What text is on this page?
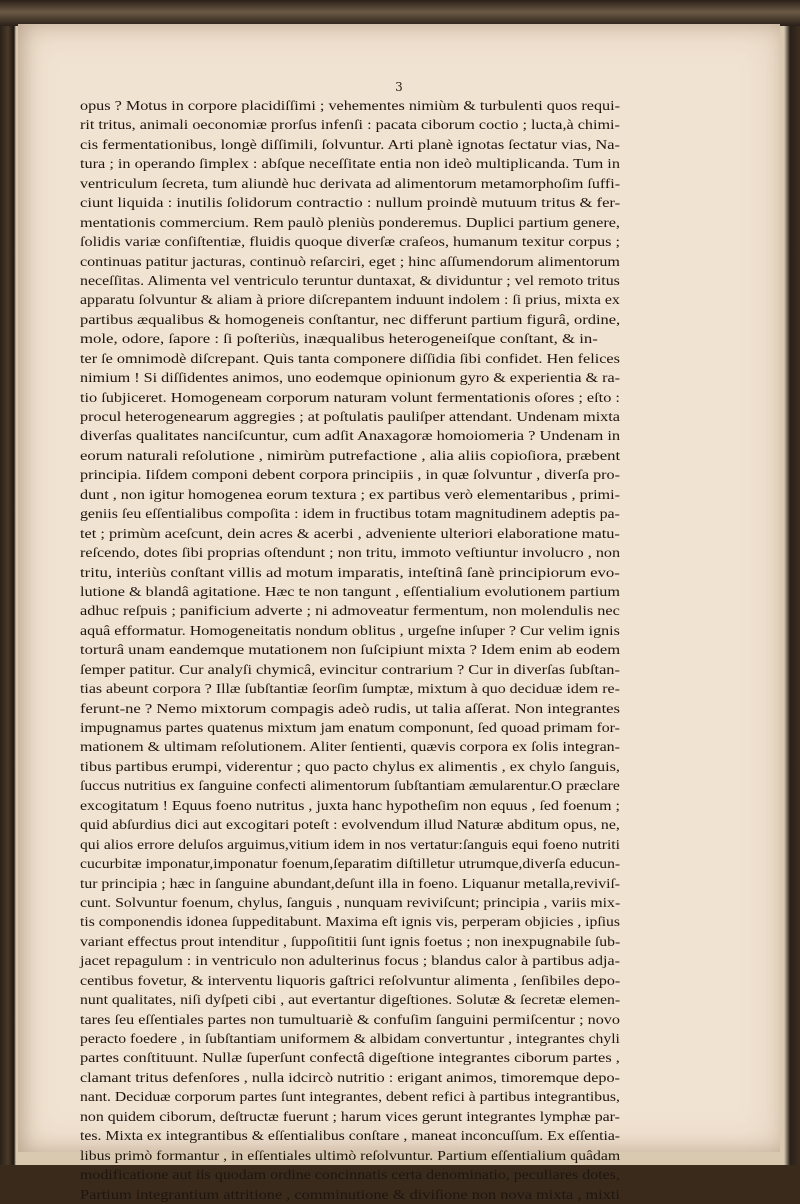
3
opus ? Motus in corpore placidiſſimi ; vehementes nimiùm & turbulenti quos requi-
rit tritus, animali oeconomiæ prorſus infenſi : pacata ciborum coctio ; lucta,à chimi-
cis fermentationibus, longè diſſimili, ſolvuntur. Arti planè ignotas ſectatur vias, Na-
tura ; in operando ſimplex : abſque neceſſitate entia non ideò multiplicanda. Tum in
ventriculum ſecreta, tum aliundè huc derivata ad alimentorum metamorphoſim ſuffi-
ciunt liquida : inutilis ſolidorum contractio : nullum proindè mutuum tritus & fer-
mentationis commercium. Rem paulò pleniùs ponderemus. Duplici partium genere,
ſolidis variæ conſiſtentiæ, fluidis quoque diverſæ craſeos, humanum texitur corpus ;
continuas patitur jacturas, continuò reſarciri, eget ; hinc aſſumendorum alimentorum
neceſſitas. Alimenta vel ventriculo teruntur duntaxat, & dividuntur ; vel remoto tritus
apparatu ſolvuntur & aliam à priore diſcrepantem induunt indolem : ſi prius, mixta ex
partibus æqualibus & homogeneis conſtantur, nec differunt partium figurâ, ordine,
mole, odore, ſapore : ſi poſteriùs, inæqualibus heterogeneiſque conſtant, & in-
ter ſe omnimodè diſcrepant. Quis tanta componere diſſidia ſibi confidet. Hen felices
nimium ! Si diſſidentes animos, uno eodemque opinionum gyro & experientia & ra-
tio ſubjiceret. Homogeneam corporum naturam volunt fermentationis oſores ; eſto :
procul heterogenearum aggregies ; at poſtulatis pauliſper attendant. Undenam mixta
diverſas qualitates nanciſcuntur, cum adſit Anaxagoræ homoiomeria ? Undenam in
eorum naturali reſolutione , nimirùm putrefactione , alia aliis copioſiora, præbent
principia. Iiſdem componi debent corpora principiis , in quæ ſolvuntur , diverſa pro-
dunt , non igitur homogenea eorum textura ; ex partibus verò elementaribus , primi-
geniis ſeu eſſentialibus compoſita : idem in fructibus totam magnitudinem adeptis pa-
tet ; primùm aceſcunt, dein acres & acerbi , adveniente ulteriori elaboratione matu-
reſcendo, dotes ſibi proprias oſtendunt ; non tritu, immoto veſtiuntur involucro , non
tritu, interiùs conſtant villis ad motum imparatis, inteſtinâ ſanè principiorum evo-
lutione & blandâ agitatione. Hæc te non tangunt , eſſentialium evolutionem partium
adhuc reſpuis ; panificium adverte ; ni admoveatur fermentum, non molendulis nec
aquâ efformatur. Homogeneitatis nondum oblitus , urgeſne inſuper ? Cur velim ignis
torturâ unam eandemque mutationem non ſuſcipiunt mixta ? Idem enim ab eodem
ſemper patitur. Cur analyſi chymicâ, evincitur contrarium ? Cur in diverſas ſubſtan-
tias abeunt corpora ? Illæ ſubſtantiæ ſeorſim ſumptæ, mixtum à quo deciduæ idem re-
ferunt-ne ? Nemo mixtorum compagis adeò rudis, ut talia aſſerat. Non integrantes
impugnamus partes quatenus mixtum jam enatum componunt, ſed quoad primam for-
mationem & ultimam reſolutionem. Aliter ſentienti, quævis corpora ex ſolis integran-
tibus partibus erumpi, viderentur ; quo pacto chylus ex alimentis , ex chylo ſanguis,
ſuccus nutritius ex ſanguine confecti alimentorum ſubſtantiam æmularentur.O præclare
excogitatum ! Equus foeno nutritus , juxta hanc hypotheſim non equus , ſed foenum ;
quid abſurdius dici aut excogitari poteſt : evolvendum illud Naturæ abditum opus, ne,
qui alios errore deluſos arguimus,vitium idem in nos vertatur:ſanguis equi foeno nutriti
cucurbitæ imponatur,imponatur foenum,ſeparatim diſtilletur utrumque,diverſa educun-
tur principia ; hæc in ſanguine abundant,deſunt illa in foeno. Liquanur metalla,reviviſ-
cunt. Solvuntur foenum, chylus, ſanguis , nunquam reviviſcunt; principia , variis mix-
tis componendis idonea ſuppeditabunt. Maxima eſt ignis vis, perperam objicies , ipſius
variant effectus prout intenditur , ſuppoſititii ſunt ignis foetus ; non inexpugnabile ſub-
jacet repagulum : in ventriculo non adulterinus focus ; blandus calor à partibus adja-
centibus fovetur, & interventu liquoris gaſtrici reſolvuntur alimenta , ſenſibiles depo-
nunt qualitates, niſi dyſpeti cibi , aut evertantur digeſtiones. Solutæ & ſecretæ elemen-
tares ſeu eſſentiales partes non tumultuariè & confuſim ſanguini permiſcentur ; novo
peracto foedere , in ſubſtantiam uniformem & albidam convertuntur , integrantes chyli
partes conſtituunt. Nullæ ſuperſunt confectâ digeſtione integrantes ciborum partes ,
clamant tritus defenſores , nulla idcircò nutritio : erigant animos, timoremque depo-
nant. Deciduæ corporum partes ſunt integrantes, debent refici à partibus integrantibus,
non quidem ciborum, deſtructæ fuerunt ; harum vices gerunt integrantes lymphæ par-
tes. Mixta ex integrantibus & eſſentialibus conſtare , maneat inconcuſſum. Ex eſſentia-
libus primò formantur , in eſſentiales ultimò reſolvuntur. Partium eſſentialium quâdam
modificatione aut iis quodam ordine concinnatis certa denominatio, peculiares dotes,
Partium integrantium attritione , comminutione & diviſione non nova mixta , mixti
